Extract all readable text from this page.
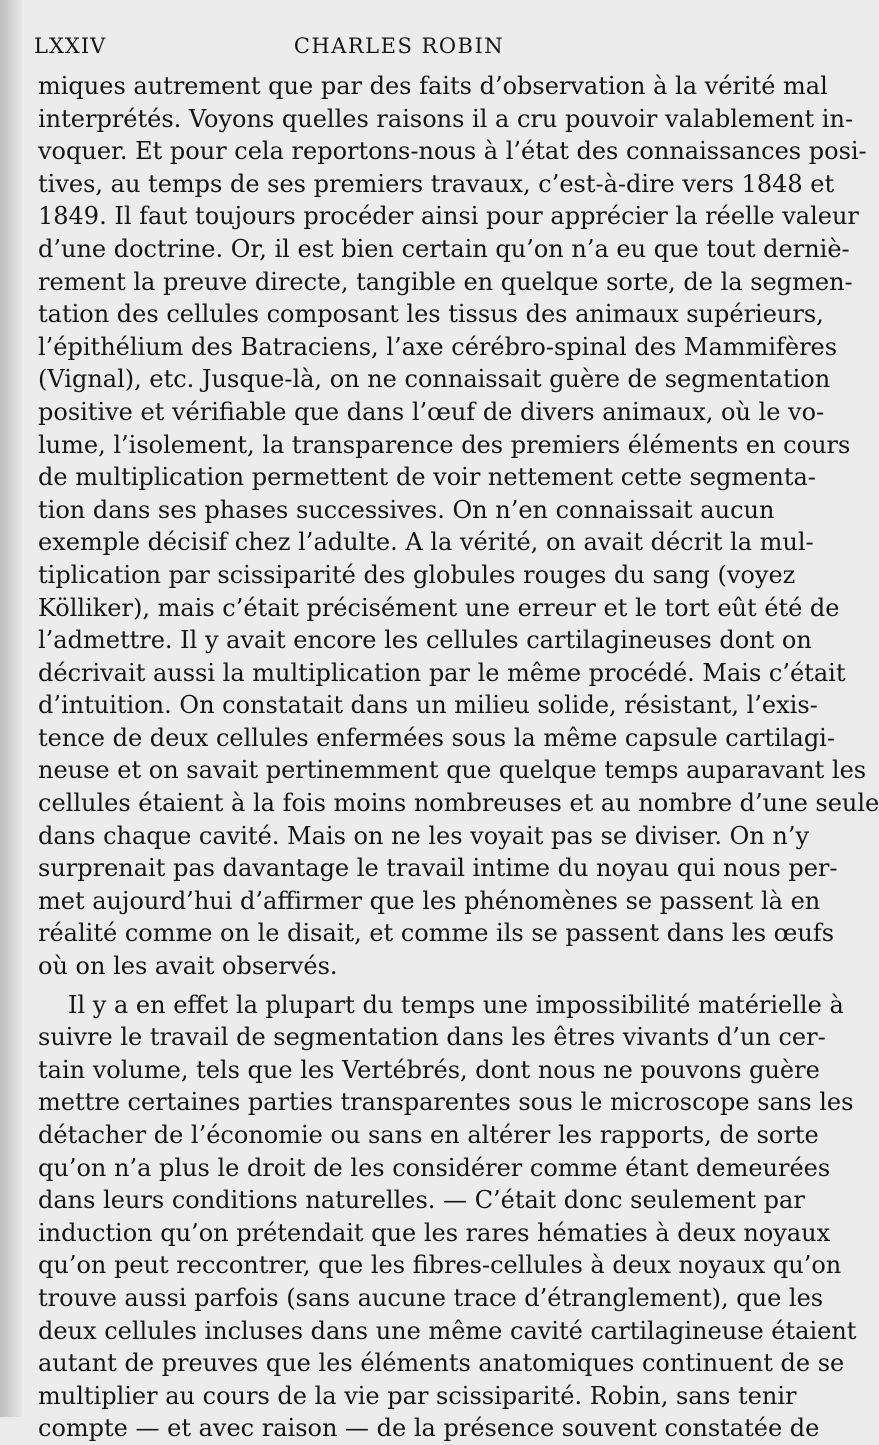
LXXIV	CHARLES ROBIN
miques autrement que par des faits d’observation à la vérité mal
interprétés. Voyons quelles raisons il a cru pouvoir valablement in-
voquer. Et pour cela reportons-nous à l’état des connaissances posi-
tives, au temps de ses premiers travaux, c’est-à-dire vers 1848 et
1849. Il faut toujours procéder ainsi pour apprécier la réelle valeur
d’une doctrine. Or, il est bien certain qu’on n’a eu que tout derniè-
rement la preuve directe, tangible en quelque sorte, de la segmen-
tation des cellules composant les tissus des animaux supérieurs,
l’épithélium des Batraciens, l’axe cérébro-spinal des Mammifères
(Vignal), etc. Jusque-là, on ne connaissait guère de segmentation
positive et vérifiable que dans l’œuf de divers animaux, où le vo-
lume, l’isolement, la transparence des premiers éléments en cours
de multiplication permettent de voir nettement cette segmenta-
tion dans ses phases successives. On n’en connaissait aucun
exemple décisif chez l’adulte. A la vérité, on avait décrit la mul-
tiplication par scissiparité des globules rouges du sang (voyez
Kölliker), mais c’était précisément une erreur et le tort eût été de
l’admettre. Il y avait encore les cellules cartilagineuses dont on
décrivait aussi la multiplication par le même procédé. Mais c’était
d’intuition. On constatait dans un milieu solide, résistant, l’exis-
tence de deux cellules enfermées sous la même capsule cartilagi-
neuse et on savait pertinemment que quelque temps auparavant les
cellules étaient à la fois moins nombreuses et au nombre d’une seule
dans chaque cavité. Mais on ne les voyait pas se diviser. On n’y
surprenait pas davantage le travail intime du noyau qui nous per-
met aujourd’hui d’affirmer que les phénomènes se passent là en
réalité comme on le disait, et comme ils se passent dans les œufs
où on les avait observés.
Il y a en effet la plupart du temps une impossibilité matérielle à
suivre le travail de segmentation dans les êtres vivants d’un cer-
tain volume, tels que les Vertébrés, dont nous ne pouvons guère
mettre certaines parties transparentes sous le microscope sans les
détacher de l’économie ou sans en altérer les rapports, de sorte
qu’on n’a plus le droit de les considérer comme étant demeurées
dans leurs conditions naturelles. — C’était donc seulement par
induction qu’on prétendait que les rares hématies à deux noyaux
qu’on peut reccontrer, que les fibres-cellules à deux noyaux qu’on
trouve aussi parfois (sans aucune trace d’étranglement), que les
deux cellules incluses dans une même cavité cartilagineuse étaient
autant de preuves que les éléments anatomiques continuent de se
multiplier au cours de la vie par scissiparité. Robin, sans tenir
compte — et avec raison — de la présence souvent constatée de
